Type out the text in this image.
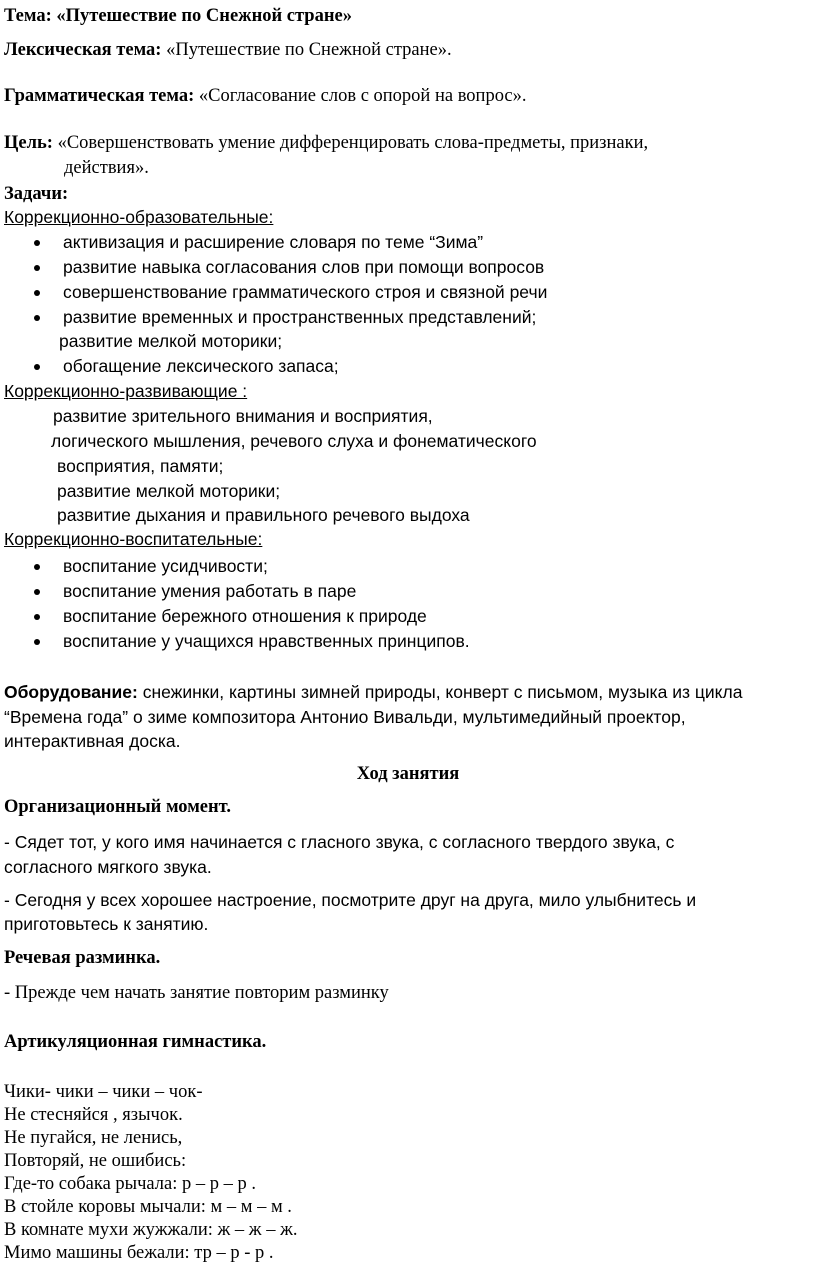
Тема: «Путешествие по Снежной стране»
Лексическая тема: «Путешествие по Снежной стране».
Грамматическая тема: «Согласование слов с опорой на вопрос».
Цель: «Совершенствовать умение дифференцировать слова-предметы, признаки,
действия».
Задачи:
Коррекционно-образовательные:
активизация и расширение словаря по теме “Зима”
развитие навыка согласования слов при помощи вопросов
совершенствование грамматического строя и связной речи
развитие временных и пространственных представлений;
развитие мелкой моторики;
обогащение лексического запаса;
Коррекционно-развивающие :
развитие зрительного внимания и восприятия,
логического мышления, речевого слуха и фонематического
восприятия, памяти;
развитие мелкой моторики;
развитие дыхания и правильного речевого выдоха
Коррекционно-воспитательные:
воспитание усидчивости;
воспитание умения работать в паре
воспитание бережного отношения к природе
воспитание у учащихся нравственных принципов.
Оборудование: снежинки, картины зимней природы, конверт с письмом, музыка из цикла
“Времена года” о зиме композитора Антонио Вивальди, мультимедийный проектор,
интерактивная доска.
Ход занятия
Организационный момент.
- Сядет тот, у кого имя начинается с гласного звука, с согласного твердого звука, с
согласного мягкого звука.
- Сегодня у всех хорошее настроение, посмотрите друг на друга, мило улыбнитесь и
приготовьтесь к занятию.
Речевая разминка.
- Прежде чем начать занятие повторим разминку
Артикуляционная гимнастика.
Чики- чики – чики – чок-
Не стесняйся , язычок.
Не пугайся, не ленись,
Повторяй, не ошибись:
Где-то собака рычала: р – р – р .
В стойле коровы мычали: м – м – м .
В комнате мухи жужжали: ж – ж – ж.
Мимо машины бежали: тр – р - р .
